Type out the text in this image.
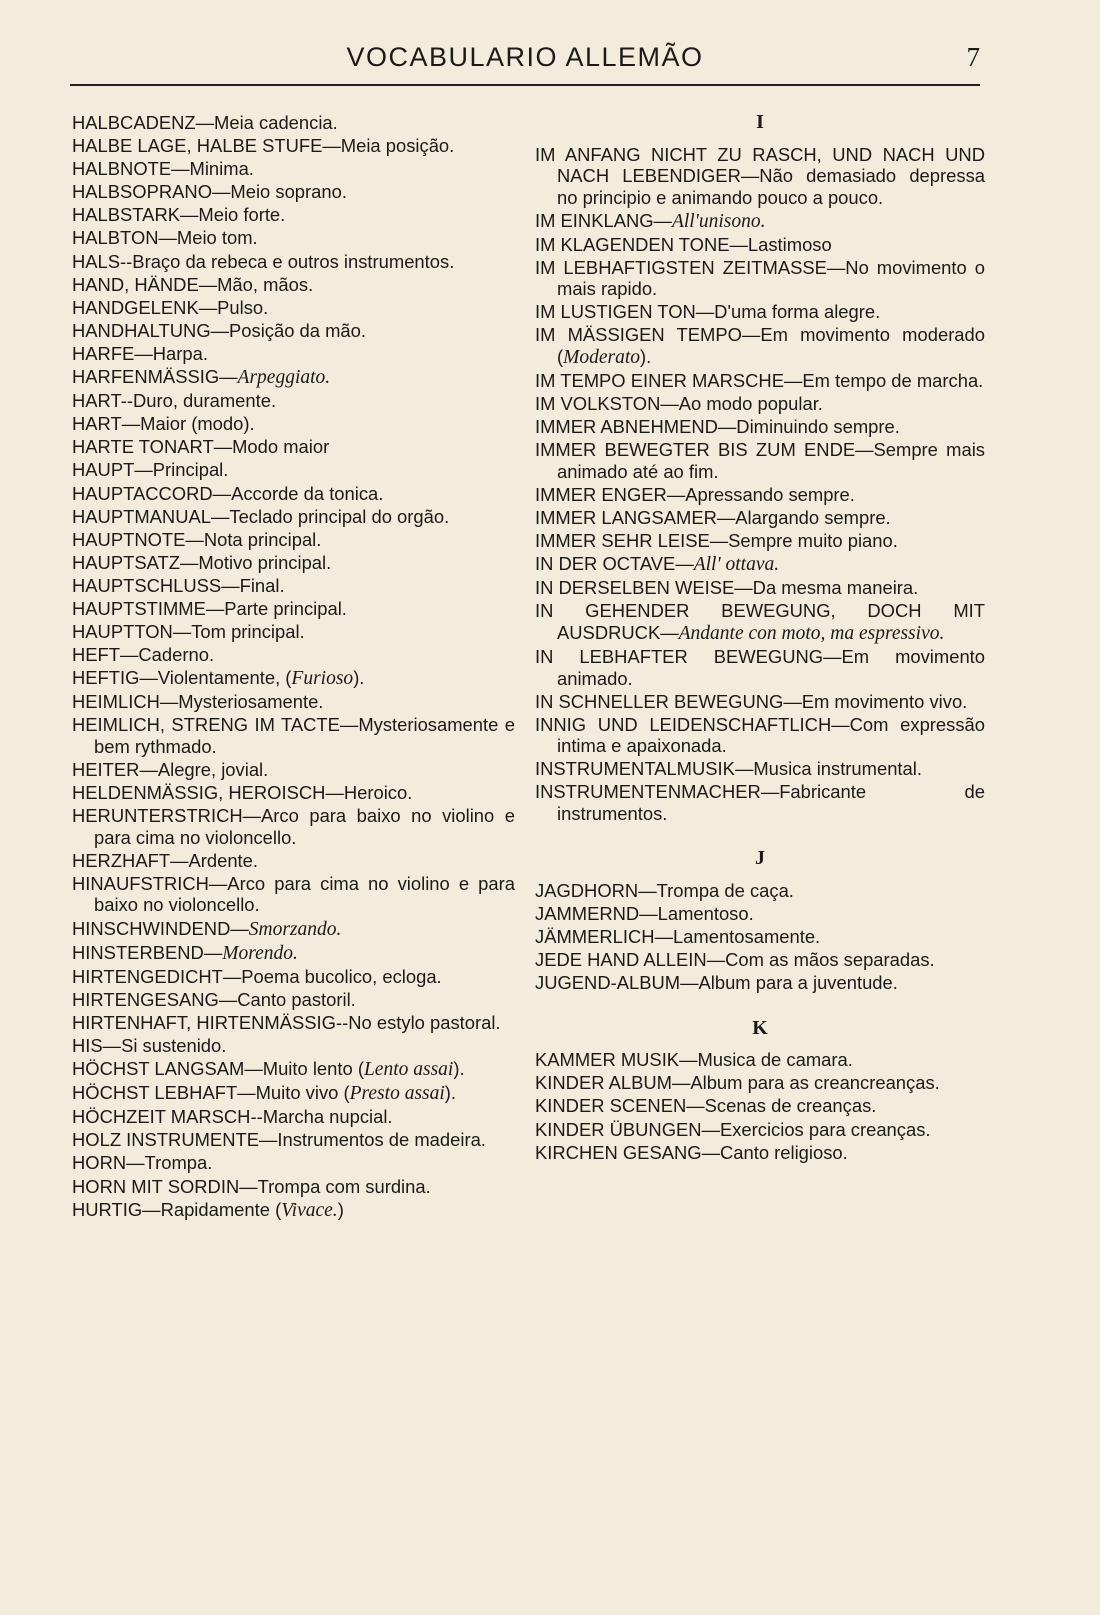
VOCABULARIO ALLEMÃO	7

HALBCADENZ—Meia cadencia.

HALBE LAGE, HALBE STUFE—Meia posição.

HALBNOTE—Minima.

HALBSOPRANO—Meio soprano.

HALBSTARK—Meio forte.

HALBTON—Meio tom.

HALS--Braço da rebeca e outros instrumentos.

HAND, HÄNDE—Mão, mãos.

HANDGELENK—Pulso.

HANDHALTUNG—Posição da mão.

HARFE—Harpa.

HARFENMÄSSIG—Arpeggiato.

HART--Duro, duramente.

HART—Maior (modo).

HARTE TONART—Modo maior

HAUPT—Principal.

HAUPTACCORD—Accorde da tonica.

HAUPTMANUAL—Teclado principal do orgão.

HAUPTNOTE—Nota principal.

HAUPTSATZ—Motivo principal.

HAUPTSCHLUSS—Final.

HAUPTSTIMME—Parte principal.

HAUPTTON—Tom principal.

HEFT—Caderno.

HEFTIG—Violentamente, (Furioso).

HEIMLICH—Mysteriosamente.

HEIMLICH, STRENG IM TACTE—Mysteriosamente e bem rythmado.

HEITER—Alegre, jovial.

HELDENMÄSSIG, HEROISCH—Heroico.

HERUNTERSTRICH—Arco para baixo no violino e para cima no violoncello.

HERZHAFT—Ardente.

HINAUFSTRICH—Arco para cima no violino e para baixo no violoncello.

HINSCHWINDEND—Smorzando.

HINSTERBEND—Morendo.

HIRTENGEDICHT—Poema bucolico, ecloga.

HIRTENGESANG—Canto pastoril.

HIRTENHAFT, HIRTENMÄSSIG--No estylo pastoral.

HIS—Si sustenido.

HÖCHST LANGSAM—Muito lento (Lento assai).

HÖCHST LEBHAFT—Muito vivo (Presto assai).

HÖCHZEIT MARSCH--Marcha nupcial.

HOLZ INSTRUMENTE—Instrumentos de madeira.

HORN—Trompa.

HORN MIT SORDIN—Trompa com surdina.

HURTIG—Rapidamente (Vivace.)

I

IM ANFANG NICHT ZU RASCH, UND NACH UND NACH LEBENDIGER—Não demasiado depressa no principio e animando pouco a pouco.

IM EINKLANG—All'unisono.

IM KLAGENDEN TONE—Lastimoso

IM LEBHAFTIGSTEN ZEITMASSE—No movimento o mais rapido.

IM LUSTIGEN TON—D'uma forma alegre.

IM MÄSSIGEN TEMPO—Em movimento moderado (Moderato).

IM TEMPO EINER MARSCHE—Em tempo de marcha.

IM VOLKSTON—Ao modo popular.

IMMER ABNEHMEND—Diminuindo sempre.

IMMER BEWEGTER BIS ZUM ENDE—Sempre mais animado até ao fim.

IMMER ENGER—Apressando sempre.

IMMER LANGSAMER—Alargando sempre.

IMMER SEHR LEISE—Sempre muito piano.

IN DER OCTAVE—All' ottava.

IN DERSELBEN WEISE—Da mesma maneira.

IN GEHENDER BEWEGUNG, DOCH MIT AUSDRUCK—Andante con moto, ma espressivo.

IN LEBHAFTER BEWEGUNG—Em movimento animado.

IN SCHNELLER BEWEGUNG—Em movimento vivo.

INNIG UND LEIDENSCHAFTLICH—Com expressão intima e apaixonada.

INSTRUMENTALMUSIK—Musica instrumental.

INSTRUMENTENMACHER—Fabricante de instrumentos.

J

JAGDHORN—Trompa de caça.

JAMMERND—Lamentoso.

JÄMMERLICH—Lamentosamente.

JEDE HAND ALLEIN—Com as mãos separadas.

JUGEND-ALBUM—Album para a juventude.

K

KAMMER MUSIK—Musica de camara.

KINDER ALBUM—Album para as creancreanças.

KINDER SCENEN—Scenas de creanças.

KINDER ÜBUNGEN—Exercicios para creanças.

KIRCHEN GESANG—Canto religioso.
